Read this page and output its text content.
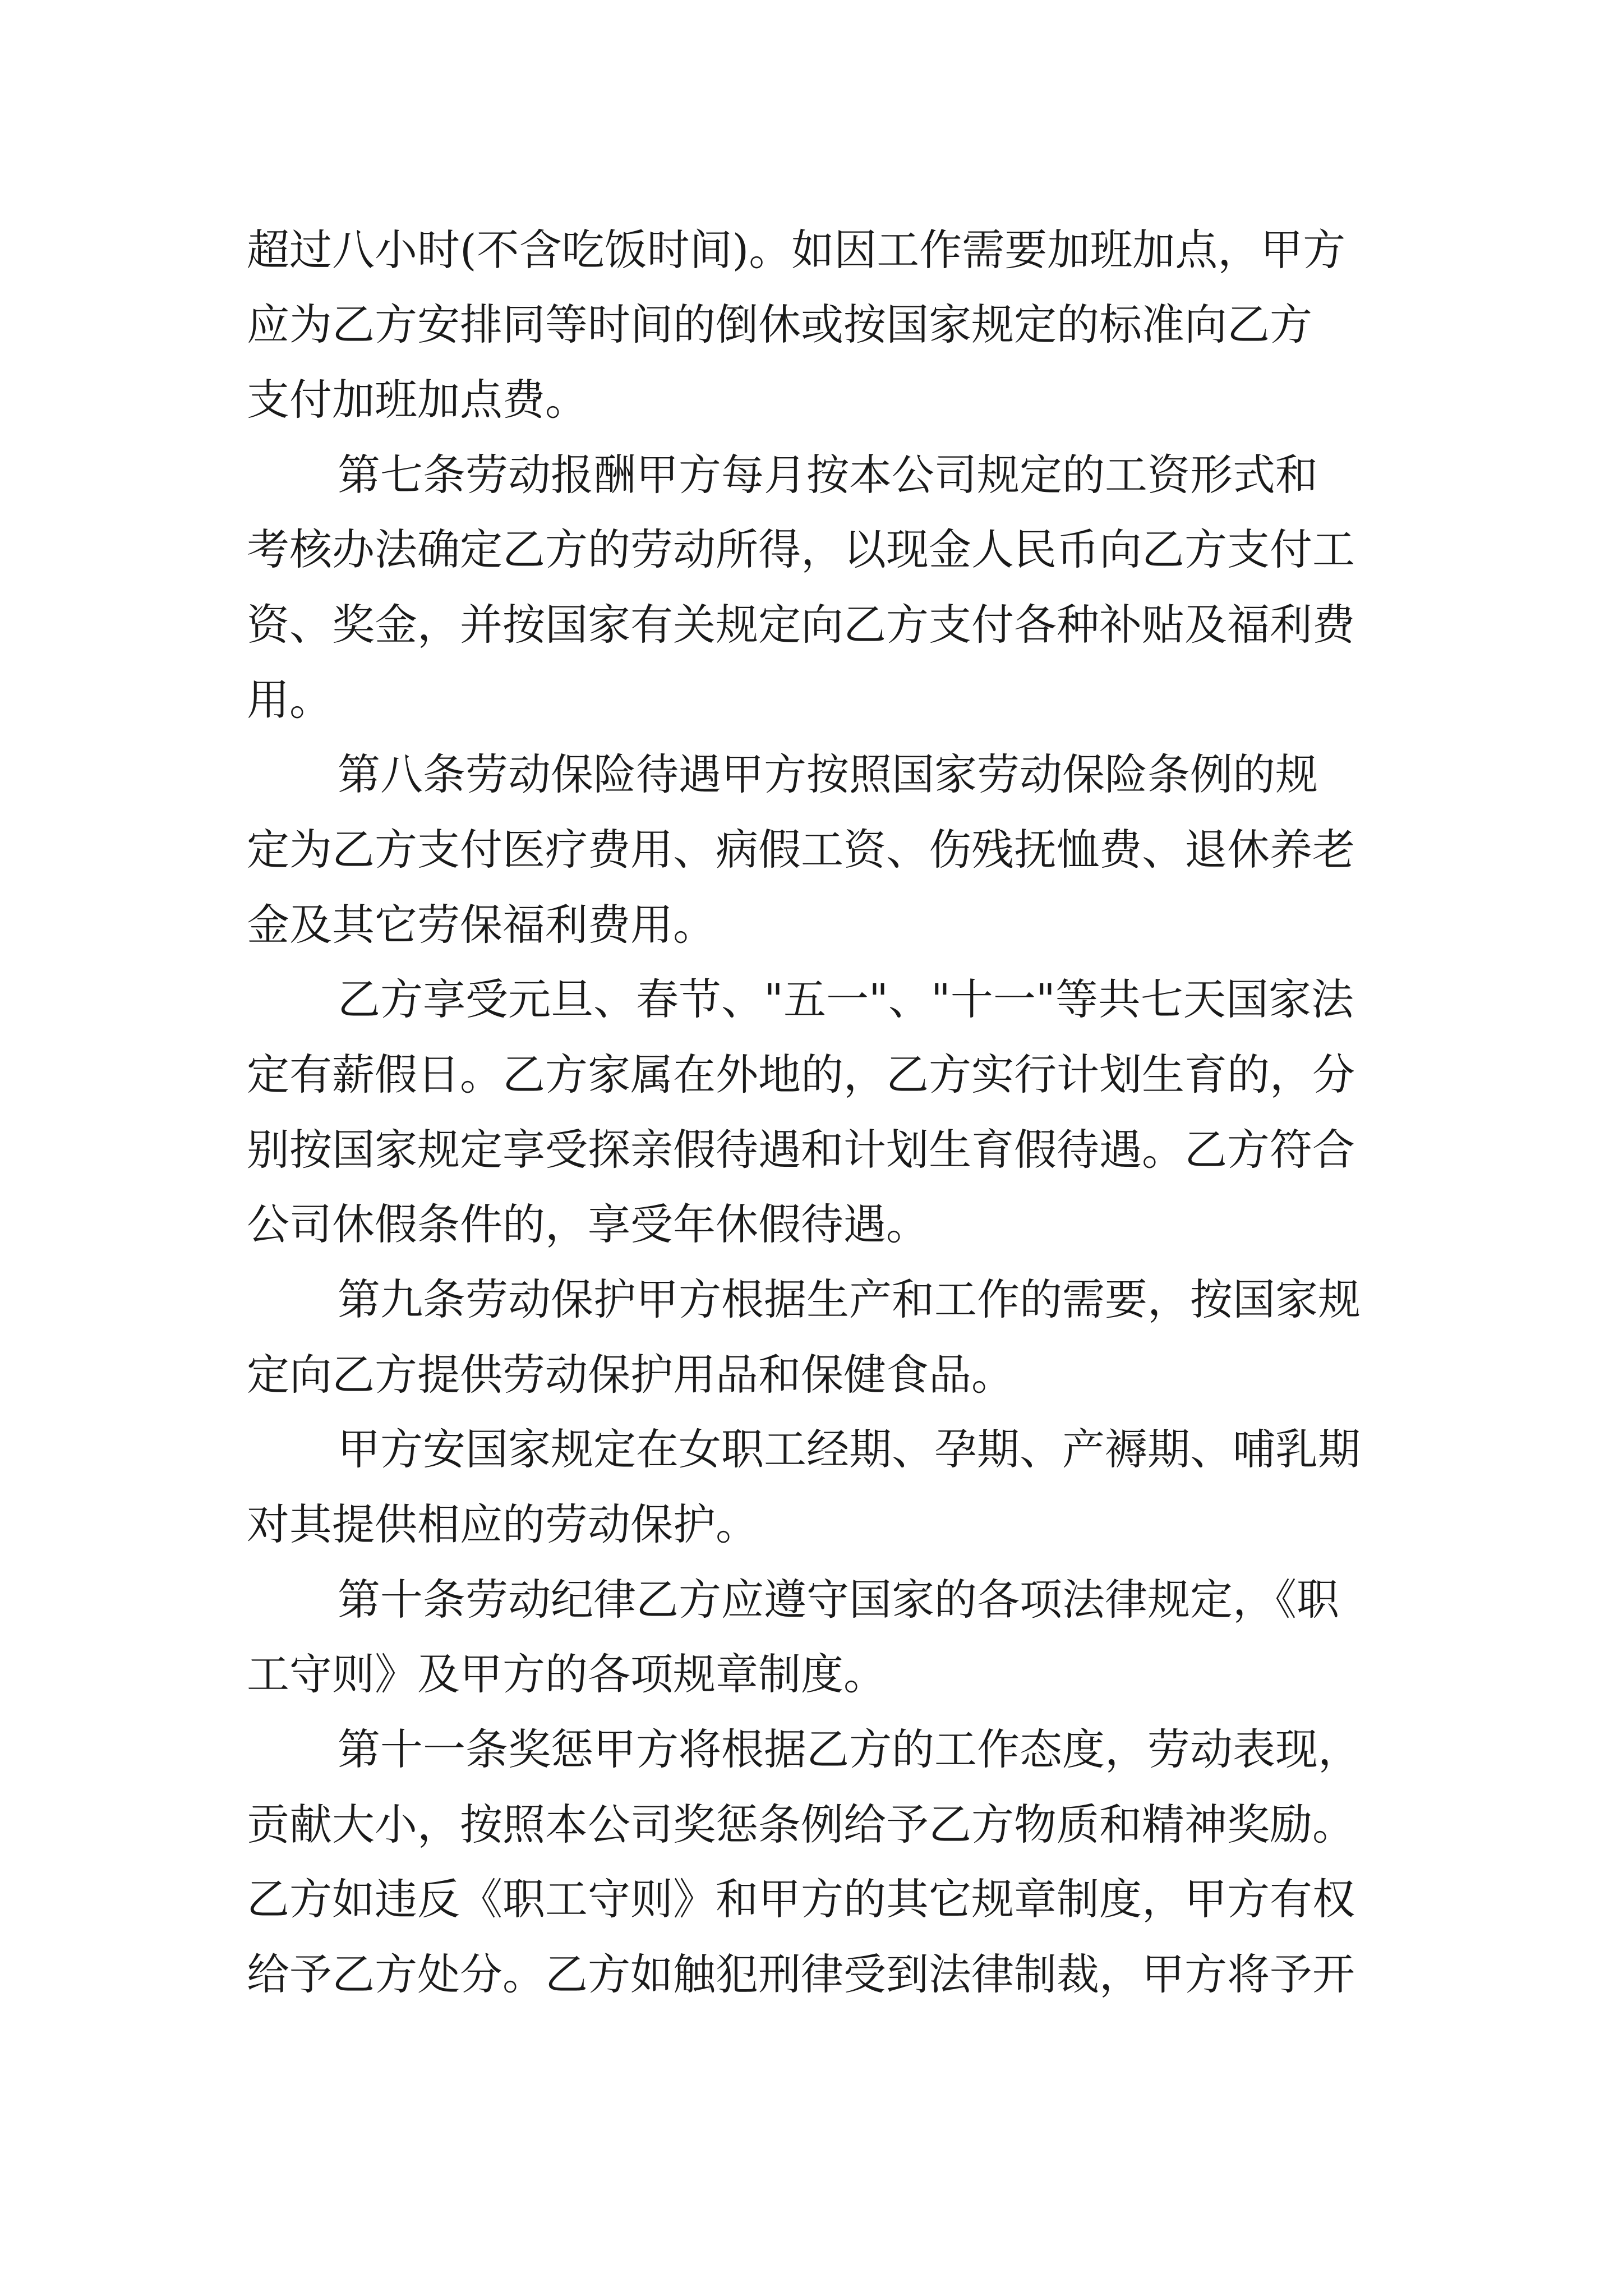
超过八小时(不含吃饭时间)。如因工作需要加班加点，甲方

应为乙方安排同等时间的倒休或按国家规定的标准向乙方

支付加班加点费。

第七条劳动报酬甲方每月按本公司规定的工资形式和

考核办法确定乙方的劳动所得，以现金人民币向乙方支付工

资、奖金，并按国家有关规定向乙方支付各种补贴及福利费

用。

第八条劳动保险待遇甲方按照国家劳动保险条例的规

定为乙方支付医疗费用、病假工资、伤残抚恤费、退休养老

金及其它劳保福利费用。

乙方享受元旦、春节、"五一"、"十一"等共七天国家法

定有薪假日。乙方家属在外地的，乙方实行计划生育的，分

别按国家规定享受探亲假待遇和计划生育假待遇。乙方符合

公司休假条件的，享受年休假待遇。

第九条劳动保护甲方根据生产和工作的需要，按国家规

定向乙方提供劳动保护用品和保健食品。

甲方安国家规定在女职工经期、孕期、产褥期、哺乳期

对其提供相应的劳动保护。

第十条劳动纪律乙方应遵守国家的各项法律规定，《职

工守则》及甲方的各项规章制度。

第十一条奖惩甲方将根据乙方的工作态度，劳动表现，

贡献大小，按照本公司奖惩条例给予乙方物质和精神奖励。

乙方如违反《职工守则》和甲方的其它规章制度，甲方有权

给予乙方处分。乙方如触犯刑律受到法律制裁，甲方将予开
